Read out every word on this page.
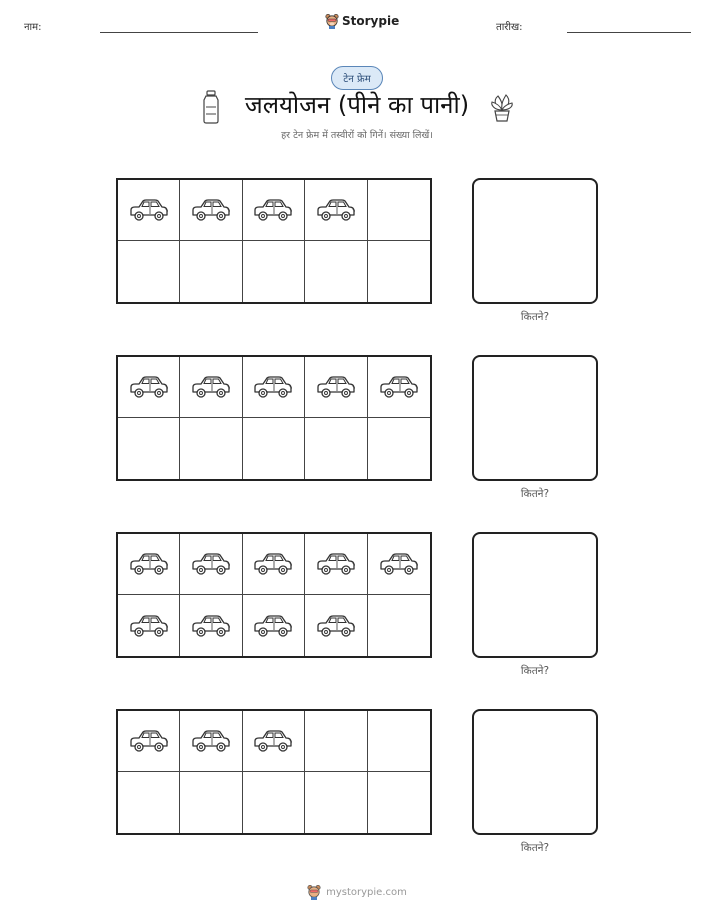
नाम:	Storypie	तारीख:
टेन फ्रेम
जलयोजन (पीने का पानी)
हर टेन फ्रेम में तस्वीरों को गिनें। संख्या लिखें।
कितने?
कितने?
कितने?
कितने?
mystorypie.com
